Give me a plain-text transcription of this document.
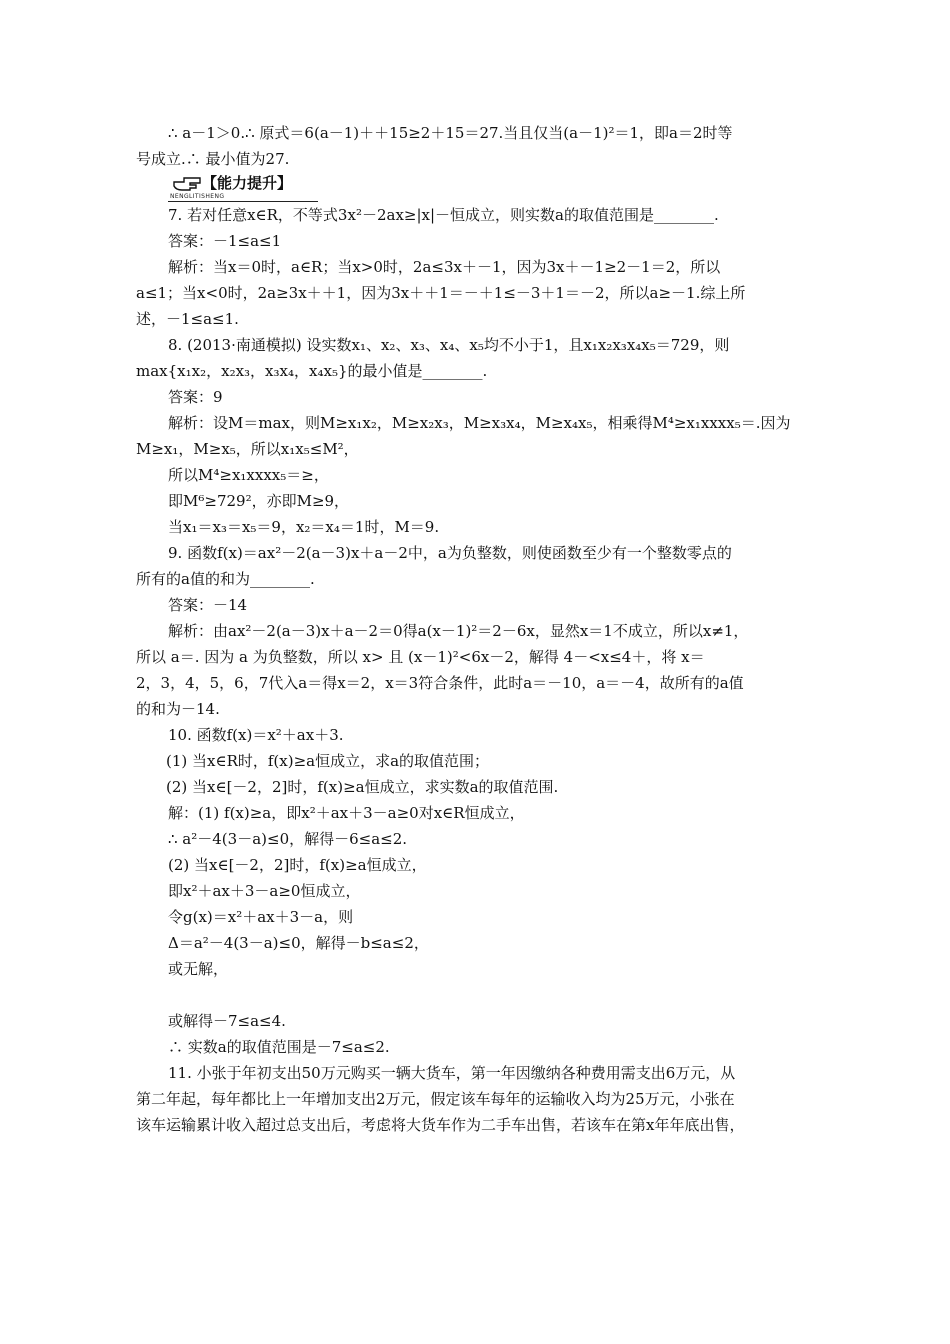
∴ a－1＞0.∴ 原式＝6(a－1)＋＋15≥2＋15＝27.当且仅当(a－1)²＝1，即a＝2时等
号成立.∴ 最小值为27.
【能力提升】
NENGLITISHENG
7. 若对任意x∈R，不等式3x²－2ax≥|x|－恒成立，则实数a的取值范围是________.
答案：－1≤a≤1
解析：当x＝0时，a∈R；当x>0时，2a≤3x＋－1，因为3x＋－1≥2－1＝2，所以
a≤1；当x<0时，2a≥3x＋＋1，因为3x＋＋1＝－＋1≤－3＋1＝－2，所以a≥－1.综上所
述，－1≤a≤1.
8. (2013·南通模拟) 设实数x₁、x₂、x₃、x₄、x₅均不小于1，且x₁x₂x₃x₄x₅＝729，则
max{x₁x₂，x₂x₃，x₃x₄，x₄x₅}的最小值是________.
答案：9
解析：设M＝max，则M≥x₁x₂，M≥x₂x₃，M≥x₃x₄，M≥x₄x₅，相乘得M⁴≥x₁xxxx₅＝.因为
M≥x₁，M≥x₅，所以x₁x₅≤M²，
所以M⁴≥x₁xxxx₅＝≥，
即M⁶≥729²，亦即M≥9，
当x₁＝x₃＝x₅＝9，x₂＝x₄＝1时，M＝9.
9. 函数f(x)＝ax²－2(a－3)x＋a－2中，a为负整数，则使函数至少有一个整数零点的
所有的a值的和为________.
答案：－14
解析：由ax²－2(a－3)x＋a－2＝0得a(x－1)²＝2－6x，显然x＝1不成立，所以x≠1，
所以 a＝. 因为 a 为负整数，所以 x> 且 (x－1)²<6x－2，解得 4－<x≤4＋，将 x＝
2，3，4，5，6，7代入a＝得x＝2，x＝3符合条件，此时a＝－10，a＝－4，故所有的a值
的和为－14.
10. 函数f(x)＝x²＋ax＋3.
(1) 当x∈R时，f(x)≥a恒成立，求a的取值范围；
(2) 当x∈[－2，2]时，f(x)≥a恒成立，求实数a的取值范围.
解：(1) f(x)≥a，即x²＋ax＋3－a≥0对x∈R恒成立，
∴ a²－4(3－a)≤0，解得－6≤a≤2.
(2) 当x∈[－2，2]时，f(x)≥a恒成立，
即x²＋ax＋3－a≥0恒成立，
令g(x)＝x²＋ax＋3－a，则
Δ＝a²－4(3－a)≤0，解得－b≤a≤2，
或无解，
或解得－7≤a≤4.
∴ 实数a的取值范围是－7≤a≤2.
11. 小张于年初支出50万元购买一辆大货车，第一年因缴纳各种费用需支出6万元，从
第二年起，每年都比上一年增加支出2万元，假定该车每年的运输收入均为25万元，小张在
该车运输累计收入超过总支出后，考虑将大货车作为二手车出售，若该车在第x年年底出售，
